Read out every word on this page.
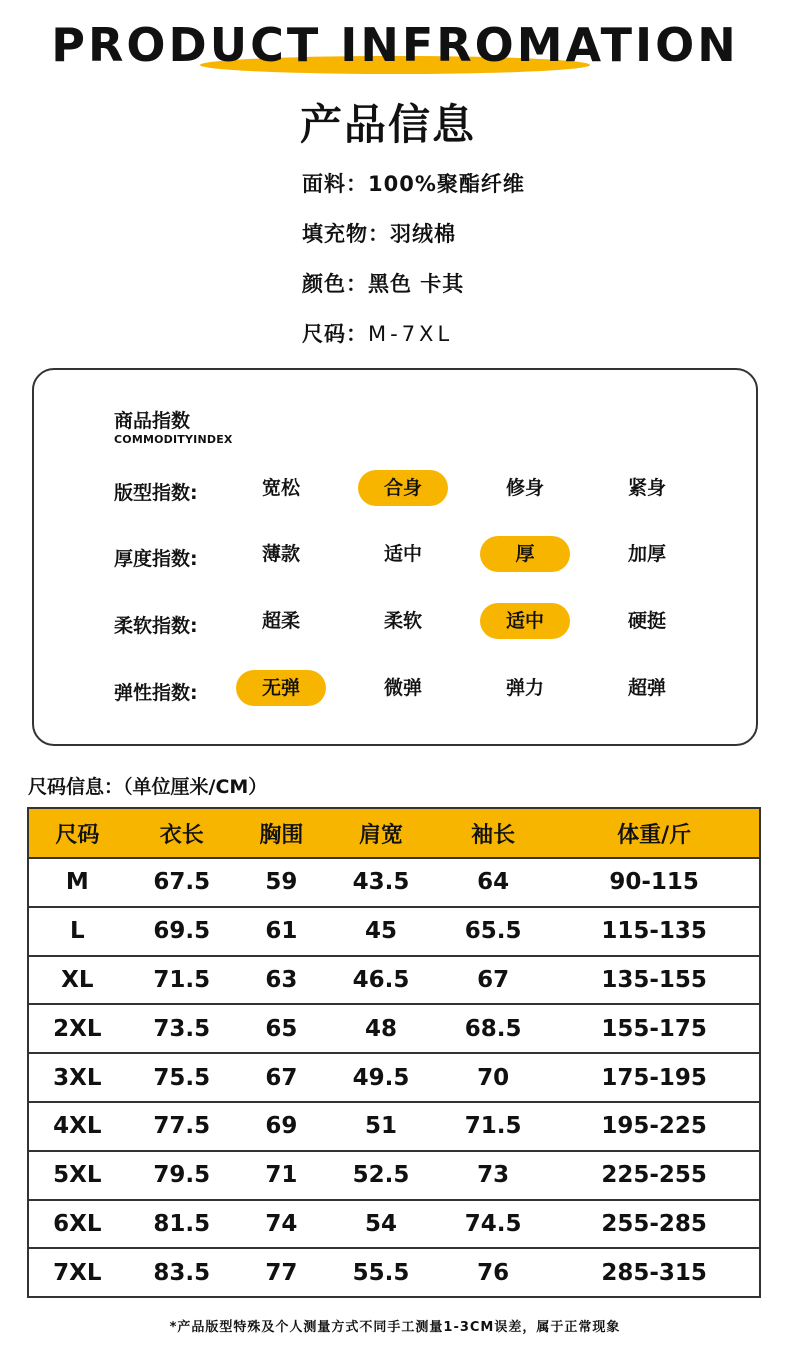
PRODUCT INFROMATION
产品信息
面料：100%聚酯纤维
填充物：羽绒棉
颜色：黑色 卡其
尺码：M-7XL
商品指数
COMMODITYINDEX
版型指数:	宽松	合身	修身	紧身
厚度指数:	薄款	适中	厚	加厚
柔软指数:	超柔	柔软	适中	硬挺
弹性指数:	无弹	微弹	弹力	超弹
尺码信息：（单位厘米/CM）
尺码	衣长	胸围	肩宽	袖长	体重/斤
M	67.5	59	43.5	64	90-115
L	69.5	61	45	65.5	115-135
XL	71.5	63	46.5	67	135-155
2XL	73.5	65	48	68.5	155-175
3XL	75.5	67	49.5	70	175-195
4XL	77.5	69	51	71.5	195-225
5XL	79.5	71	52.5	73	225-255
6XL	81.5	74	54	74.5	255-285
7XL	83.5	77	55.5	76	285-315
*产品版型特殊及个人测量方式不同手工测量1-3CM误差，属于正常现象
